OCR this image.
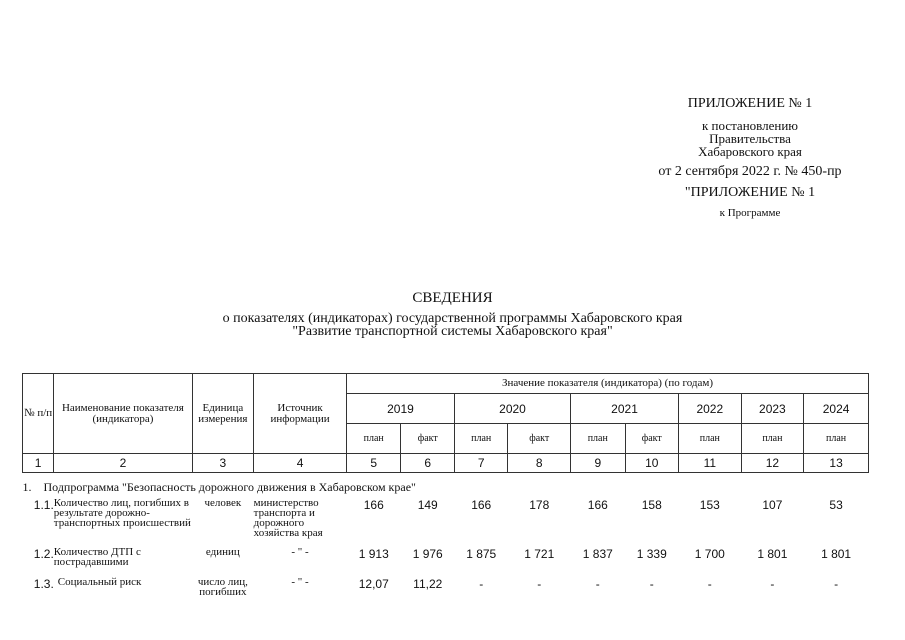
ПРИЛОЖЕНИЕ № 1
к постановлению
Правительства
Хабаровского края
от 2 сентября 2022 г. № 450-пр
"ПРИЛОЖЕНИЕ № 1
к Программе
СВЕДЕНИЯ
о показателях (индикаторах) государственной программы Хабаровского края
"Развитие транспортной системы Хабаровского края"
№ п/п	Наименование показателя (индикатора)	Единица измерения	Источник информации	Значение показателя (индикатора) (по годам)								
				2019		2020		2021		2022	2023	2024
				план	факт	план	факт	план	факт	план	план	план
1	2	3	4	5	6	7	8	9	10	11	12	13
1. Подпрограмма "Безопасность дорожного движения в Хабаровском крае"												
1.1.	Количество лиц, погибших в результате дорожно-транспортных происшествий	человек	министерство транспорта и дорожного хозяйства края	166	149	166	178	166	158	153	107	53
1.2.	Количество ДТП с пострадавшими	единиц	- " -	1 913	1 976	1 875	1 721	1 837	1 339	1 700	1 801	1 801
1.3.	Социальный риск	число лиц, погибших	- " -	12,07	11,22	-	-	-	-	-	-	-
